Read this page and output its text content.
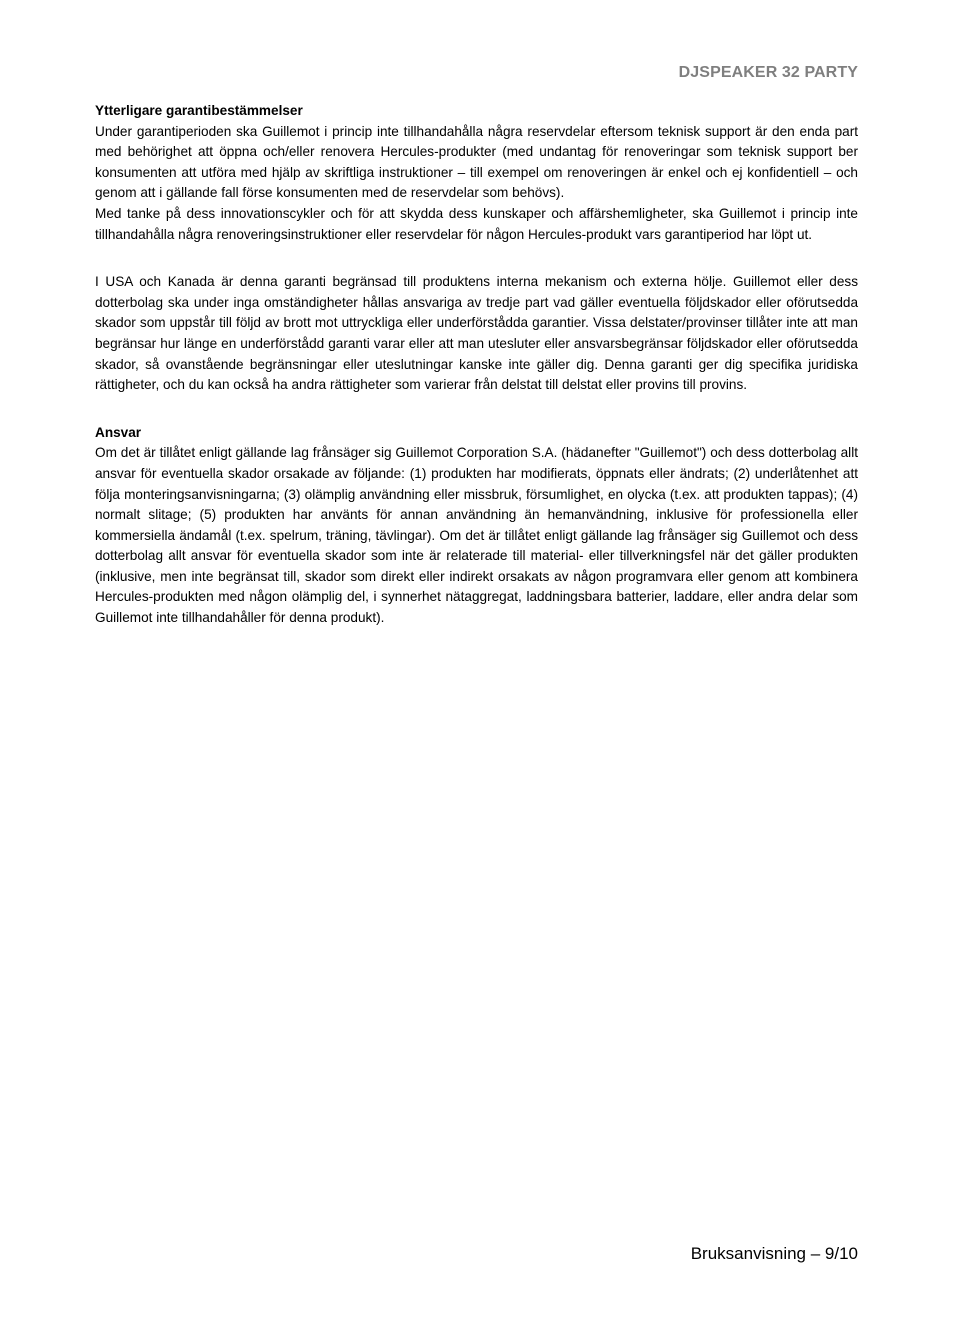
DJSPEAKER 32 PARTY

Ytterligare garantibestämmelser

Under garantiperioden ska Guillemot i princip inte tillhandahålla några reservdelar eftersom teknisk support är den enda part med behörighet att öppna och/eller renovera Hercules-produkter (med undantag för renoveringar som teknisk support ber konsumenten att utföra med hjälp av skriftliga instruktioner – till exempel om renoveringen är enkel och ej konfidentiell – och genom att i gällande fall förse konsumenten med de reservdelar som behövs).

Med tanke på dess innovationscykler och för att skydda dess kunskaper och affärshemligheter, ska Guillemot i princip inte tillhandahålla några renoveringsinstruktioner eller reservdelar för någon Hercules-produkt vars garantiperiod har löpt ut.

I USA och Kanada är denna garanti begränsad till produktens interna mekanism och externa hölje. Guillemot eller dess dotterbolag ska under inga omständigheter hållas ansvariga av tredje part vad gäller eventuella följdskador eller oförutsedda skador som uppstår till följd av brott mot uttryckliga eller underförstådda garantier. Vissa delstater/provinser tillåter inte att man begränsar hur länge en underförstådd garanti varar eller att man utesluter eller ansvarsbegränsar följdskador eller oförutsedda skador, så ovanstående begränsningar eller uteslutningar kanske inte gäller dig. Denna garanti ger dig specifika juridiska rättigheter, och du kan också ha andra rättigheter som varierar från delstat till delstat eller provins till provins.

Ansvar

Om det är tillåtet enligt gällande lag frånsäger sig Guillemot Corporation S.A. (hädanefter "Guillemot") och dess dotterbolag allt ansvar för eventuella skador orsakade av följande: (1) produkten har modifierats, öppnats eller ändrats; (2) underlåtenhet att följa monteringsanvisningarna; (3) olämplig användning eller missbruk, försumlighet, en olycka (t.ex. att produkten tappas); (4) normalt slitage; (5) produkten har använts för annan användning än hemanvändning, inklusive för professionella eller kommersiella ändamål (t.ex. spelrum, träning, tävlingar). Om det är tillåtet enligt gällande lag frånsäger sig Guillemot och dess dotterbolag allt ansvar för eventuella skador som inte är relaterade till material- eller tillverkningsfel när det gäller produkten (inklusive, men inte begränsat till, skador som direkt eller indirekt orsakats av någon programvara eller genom att kombinera Hercules-produkten med någon olämplig del, i synnerhet nätaggregat, laddningsbara batterier, laddare, eller andra delar som Guillemot inte tillhandahåller för denna produkt).

Bruksanvisning – 9/10
